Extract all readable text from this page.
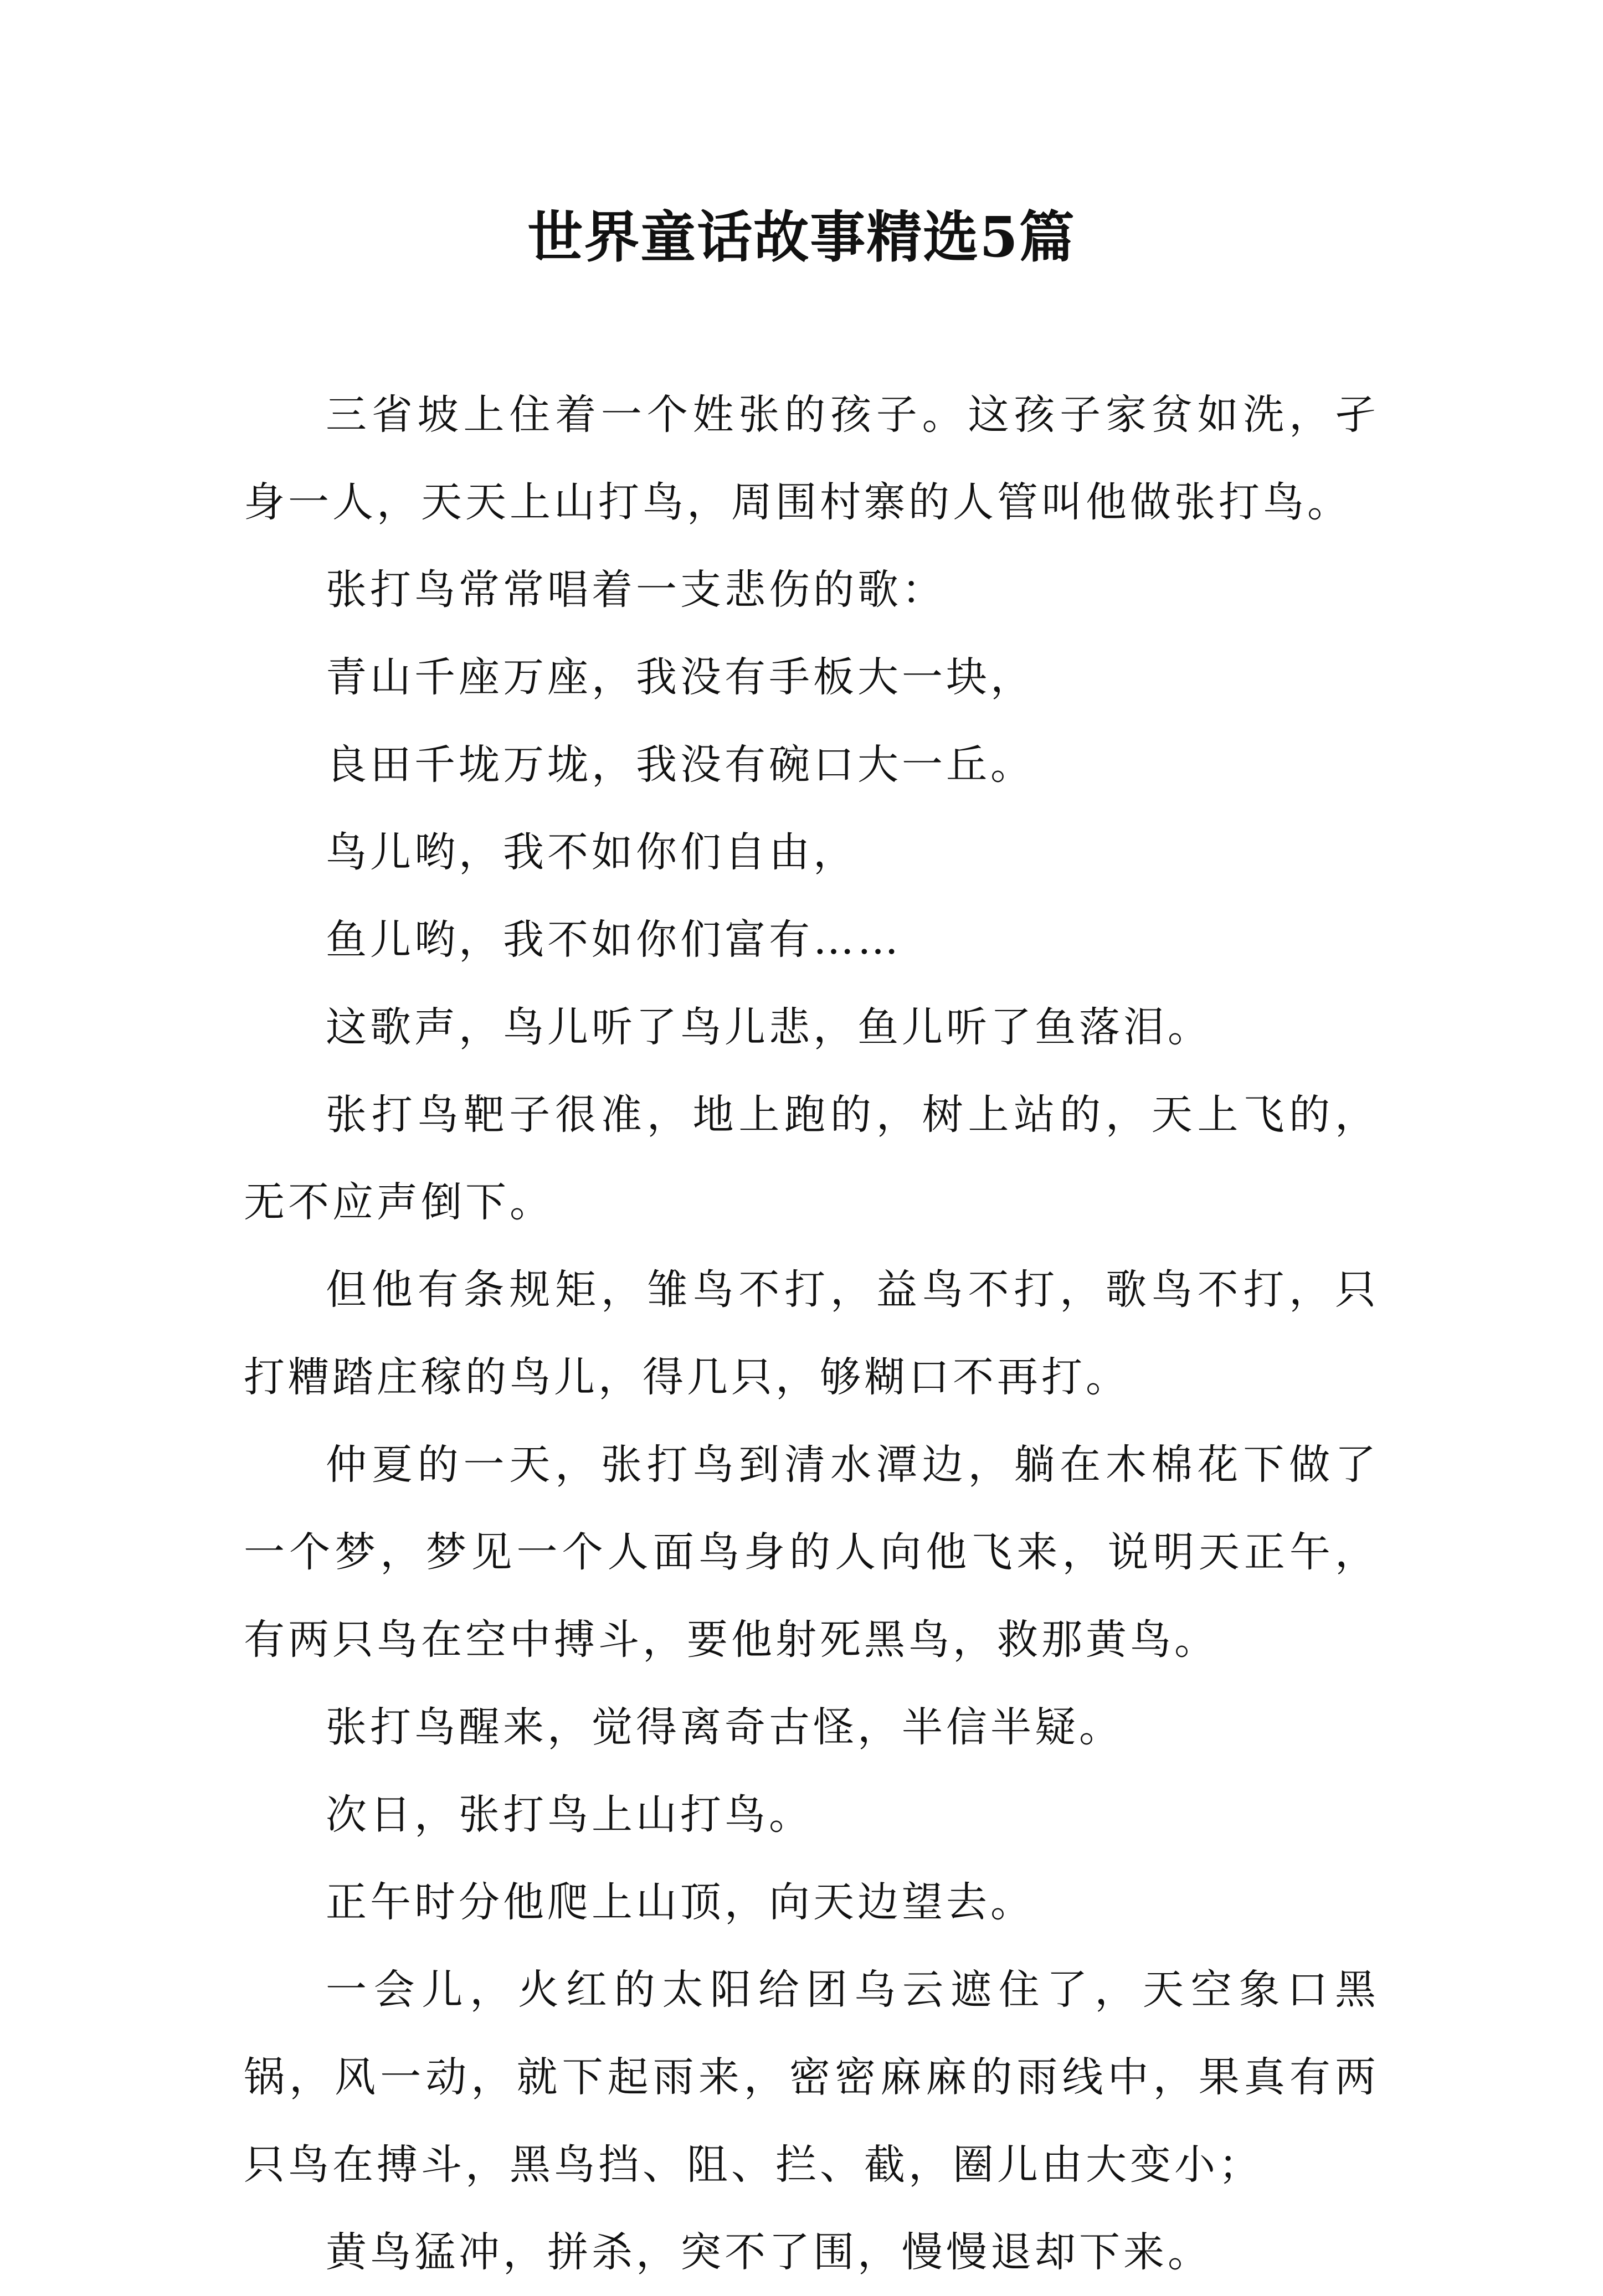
世界童话故事精选5篇

三省坡上住着一个姓张的孩子。这孩子家贫如洗，孑身一人，天天上山打鸟，周围村寨的人管叫他做张打鸟。

张打鸟常常唱着一支悲伤的歌：

青山千座万座，我没有手板大一块，

良田千垅万垅，我没有碗口大一丘。

鸟儿哟，我不如你们自由，

鱼儿哟，我不如你们富有……

这歌声，鸟儿听了鸟儿悲，鱼儿听了鱼落泪。

张打鸟靶子很准，地上跑的，树上站的，天上飞的，无不应声倒下。

但他有条规矩，雏鸟不打，益鸟不打，歌鸟不打，只打糟踏庄稼的鸟儿，得几只，够糊口不再打。

仲夏的一天，张打鸟到清水潭边，躺在木棉花下做了一个梦，梦见一个人面鸟身的人向他飞来，说明天正午，有两只鸟在空中搏斗，要他射死黑鸟，救那黄鸟。

张打鸟醒来，觉得离奇古怪，半信半疑。

次日，张打鸟上山打鸟。

正午时分他爬上山顶，向天边望去。

一会儿，火红的太阳给团乌云遮住了，天空象口黑锅，风一动，就下起雨来，密密麻麻的雨线中，果真有两只鸟在搏斗，黑鸟挡、阻、拦、截，圈儿由大变小；

黄鸟猛冲，拼杀，突不了围，慢慢退却下来。
